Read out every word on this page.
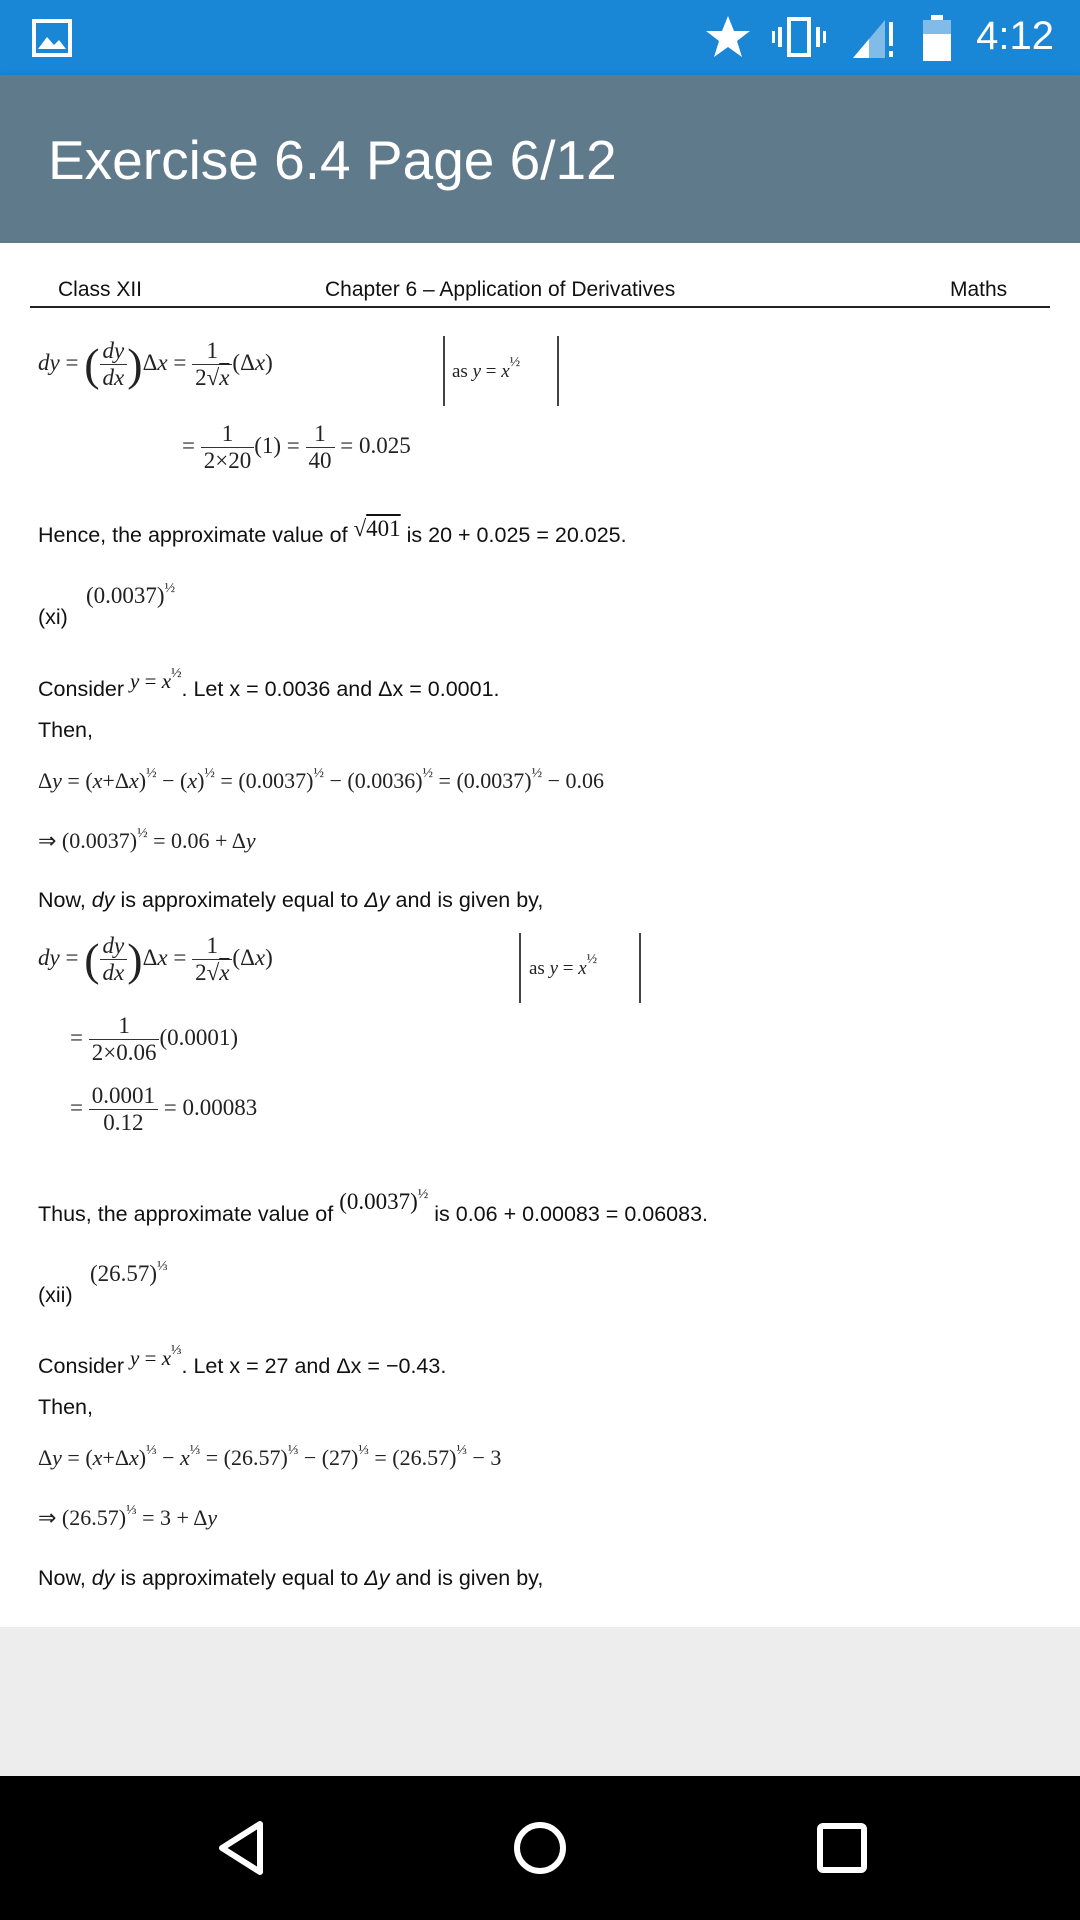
4:12
Exercise 6.4 Page 6/12
Class XII	Chapter 6 – Application of Derivatives	Maths
dy = ( $\frac{dy}{dx} )\Delta x = \frac{1}{2√x} (\Delta x)$	as $y = x^{\frac{1}{2}}$
= $\frac{1}{2\times 20} (1) = \frac{1}{40} = 0.025$
Hence, the approximate value of √401 is 20 + 0.025 = 20.025.
(xi)
$(0.0037)^{\frac{1}{2}}$
Consider $y = x^{\frac{1}{2}}$. Let x = 0.0036 and Δx = 0.0001.
Then,
$\Delta y = (x+\Delta x)^{\frac{1}{2}} - (x)^{\frac{1}{2}} = (0.0037)^{\frac{1}{2}} - (0.0036)^{\frac{1}{2}} = (0.0037)^{\frac{1}{2}} - 0.06$
⇒ $(0.0037)^{\frac{1}{2}} = 0.06 + \Delta y$
Now, dy is approximately equal to Δy and is given by,
dy = ( $\frac{dy}{dx} )\Delta x = \frac{1}{2√x} (\Delta x)$	as $y = x^{\frac{1}{2}}$
= $\frac{1}{2\times 0.06} (0.0001)$
= $\frac{0.0001}{0.12} = 0.00083$
Thus, the approximate value of $(0.0037)^{\frac{1}{2}}$ is 0.06 + 0.00083 = 0.06083.
(xii)
$(26.57)^{\frac{1}{3}}$
Consider $y = x^{\frac{1}{3}}$. Let x = 27 and Δx = −0.43.
Then,
$\Delta y = (x+\Delta x)^{\frac{1}{3}} - x^{\frac{1}{3}} = (26.57)^{\frac{1}{3}} - (27)^{\frac{1}{3}} = (26.57)^{\frac{1}{3}} - 3$
⇒ $(26.57)^{\frac{1}{3}} = 3 + \Delta y$
Now, dy is approximately equal to Δy and is given by,
